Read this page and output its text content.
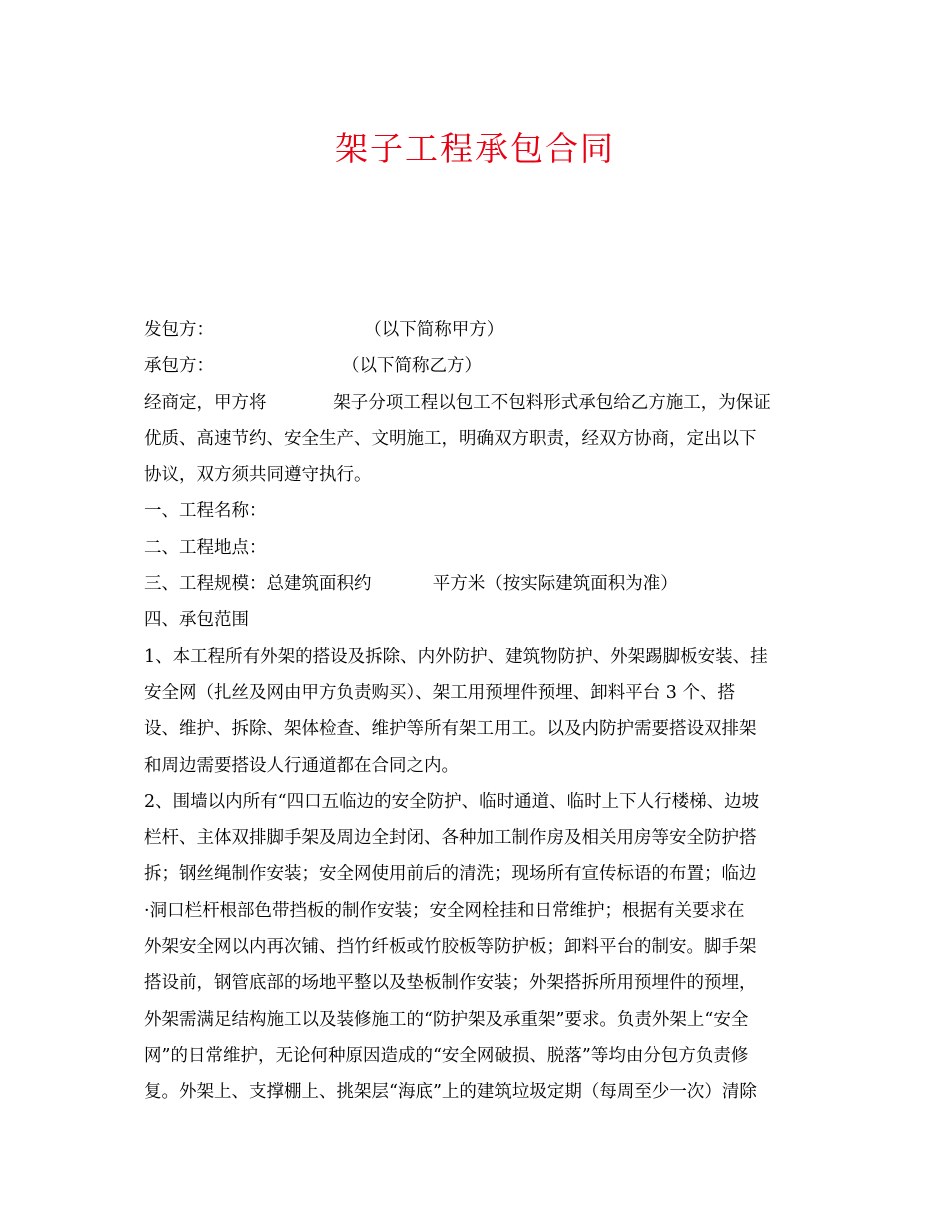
架子工程承包合同
发包方：                           （以下简称甲方）
承包方：                       （以下简称乙方）
经商定，甲方将            架子分项工程以包工不包料形式承包给乙方施工，为保证
优质、高速节约、安全生产、文明施工，明确双方职责，经双方协商，定出以下
协议，双方须共同遵守执行。
一、工程名称：
二、工程地点：
三、工程规模：总建筑面积约           平方米（按实际建筑面积为准）
四、承包范围
1、本工程所有外架的搭设及拆除、内外防护、建筑物防护、外架踢脚板安装、挂
安全网（扎丝及网由甲方负责购买）、架工用预埋件预埋、卸料平台 3 个、搭
设、维护、拆除、架体检查、维护等所有架工用工。以及内防护需要搭设双排架
和周边需要搭设人行通道都在合同之内。
2、围墙以内所有“四口五临边的安全防护、临时通道、临时上下人行楼梯、边坡
栏杆、主体双排脚手架及周边全封闭、各种加工制作房及相关用房等安全防护搭
拆；钢丝绳制作安装；安全网使用前后的清洗；现场所有宣传标语的布置；临边
·洞口栏杆根部色带挡板的制作安装；安全网栓挂和日常维护；根据有关要求在
外架安全网以内再次铺、挡竹纤板或竹胶板等防护板；卸料平台的制安。脚手架
搭设前，钢管底部的场地平整以及垫板制作安装；外架搭拆所用预埋件的预埋，
外架需满足结构施工以及装修施工的“防护架及承重架”要求。负责外架上“安全
网”的日常维护，无论何种原因造成的“安全网破损、脱落”等均由分包方负责修
复。外架上、支撑棚上、挑架层“海底”上的建筑垃圾定期（每周至少一次）清除
